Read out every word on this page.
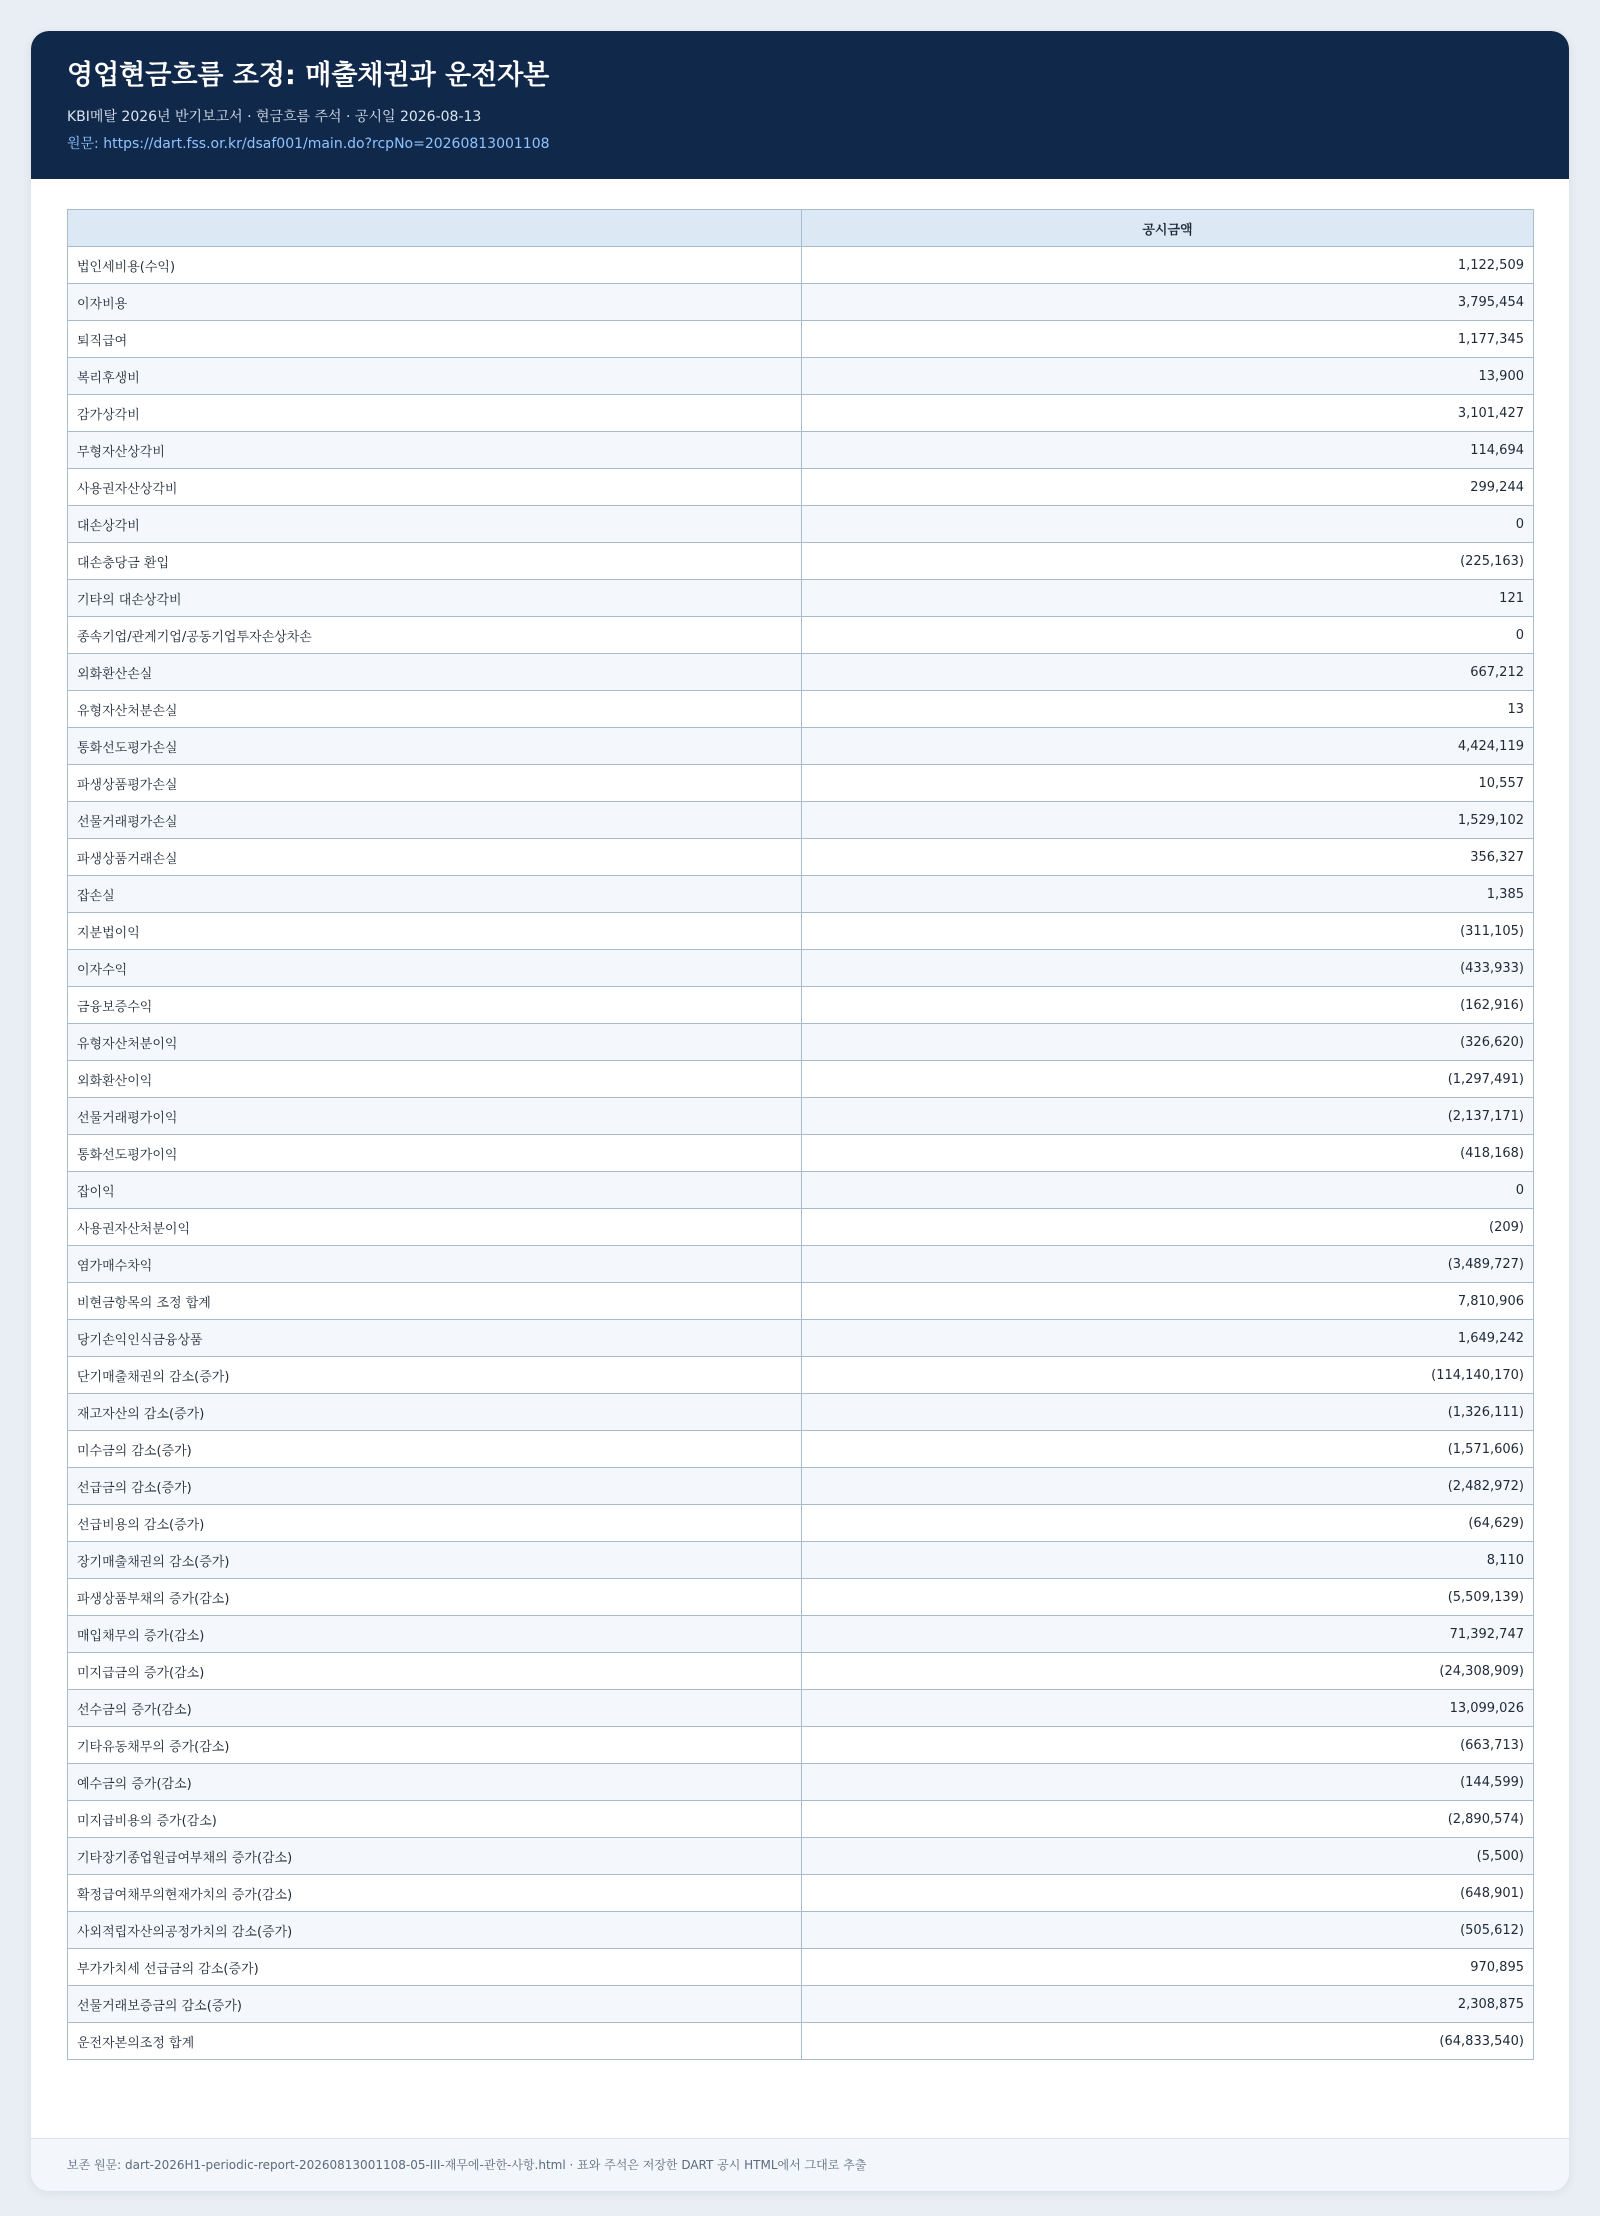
영업현금흐름 조정: 매출채권과 운전자본
KBI메탈 2026년 반기보고서 · 현금흐름 주석 · 공시일 2026-08-13
원문: https://dart.fss.or.kr/dsaf001/main.do?rcpNo=20260813001108
	공시금액
법인세비용(수익)	1,122,509
이자비용	3,795,454
퇴직급여	1,177,345
복리후생비	13,900
감가상각비	3,101,427
무형자산상각비	114,694
사용권자산상각비	299,244
대손상각비	0
대손충당금 환입	(225,163)
기타의 대손상각비	121
종속기업/관계기업/공동기업투자손상차손	0
외화환산손실	667,212
유형자산처분손실	13
통화선도평가손실	4,424,119
파생상품평가손실	10,557
선물거래평가손실	1,529,102
파생상품거래손실	356,327
잡손실	1,385
지분법이익	(311,105)
이자수익	(433,933)
금융보증수익	(162,916)
유형자산처분이익	(326,620)
외화환산이익	(1,297,491)
선물거래평가이익	(2,137,171)
통화선도평가이익	(418,168)
잡이익	0
사용권자산처분이익	(209)
염가매수차익	(3,489,727)
비현금항목의 조정 합계	7,810,906
당기손익인식금융상품	1,649,242
단기매출채권의 감소(증가)	(114,140,170)
재고자산의 감소(증가)	(1,326,111)
미수금의 감소(증가)	(1,571,606)
선급금의 감소(증가)	(2,482,972)
선급비용의 감소(증가)	(64,629)
장기매출채권의 감소(증가)	8,110
파생상품부채의 증가(감소)	(5,509,139)
매입채무의 증가(감소)	71,392,747
미지급금의 증가(감소)	(24,308,909)
선수금의 증가(감소)	13,099,026
기타유동채무의 증가(감소)	(663,713)
예수금의 증가(감소)	(144,599)
미지급비용의 증가(감소)	(2,890,574)
기타장기종업원급여부채의 증가(감소)	(5,500)
확정급여채무의현재가치의 증가(감소)	(648,901)
사외적립자산의공정가치의 감소(증가)	(505,612)
부가가치세 선급금의 감소(증가)	970,895
선물거래보증금의 감소(증가)	2,308,875
운전자본의조정 합계	(64,833,540)
보존 원문: dart-2026H1-periodic-report-20260813001108-05-III-재무에-관한-사항.html · 표와 주석은 저장한 DART 공시 HTML에서 그대로 추출
